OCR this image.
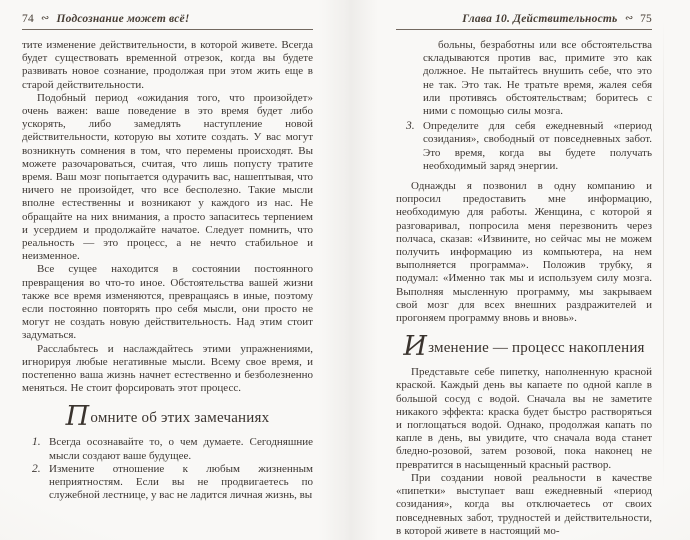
74 ∾ Подсознание может всё!

тите изменение действительности, в которой живете. Всегда будет существовать временной отрезок, когда вы будете развивать новое сознание, продолжая при этом жить еще в старой действительности.

Подобный период «ожидания того, что произойдет» очень важен: ваше поведение в это время будет либо ускорять, либо замедлять наступление новой действительности, которую вы хотите создать. У вас могут возникнуть сомнения в том, что перемены происходят. Вы можете разочароваться, считая, что лишь попусту тратите время. Ваш мозг попытается одурачить вас, нашептывая, что ничего не произойдет, что все бесполезно. Такие мысли вполне естественны и возникают у каждого из нас. Не обращайте на них внимания, а просто запаситесь терпением и усердием и продолжайте начатое. Следует помнить, что реальность — это процесс, а не нечто стабильное и неизменное.

Все сущее находится в состоянии постоянного превращения во что-то иное. Обстоятельства вашей жизни также все время изменяются, превращаясь в иные, поэтому если постоянно повторять про себя мысли, они просто не могут не создать новую действительность. Над этим стоит задуматься.

Расслабьтесь и наслаждайтесь этими упражнениями, игнорируя любые негативные мысли. Всему свое время, и постепенно ваша жизнь начнет естественно и безболезненно меняться. Не стоит форсировать этот процесс.

Помните об этих замечаниях
1. Всегда осознавайте то, о чем думаете. Сегодняшние мысли создают ваше будущее.
2. Измените отношение к любым жизненным неприятностям. Если вы не продвигаетесь по служебной лестнице, у вас не ладится личная жизнь, вы
Глава 10. Действительность ∾ 75

больны, безработны или все обстоятельства складываются против вас, примите это как должное. Не пытайтесь внушить себе, что это не так. Это так. Не тратьте время, жалея себя или противясь обстоятельствам; боритесь с ними с помощью силы мозга.

3. Определите для себя ежедневный «период созидания», свободный от повседневных забот. Это время, когда вы будете получать необходимый заряд энергии.

Однажды я позвонил в одну компанию и попросил предоставить мне информацию, необходимую для работы. Женщина, с которой я разговаривал, попросила меня перезвонить через полчаса, сказав: «Извините, но сейчас мы не можем получить информацию из компьютера, на нем выполняется программа». Положив трубку, я подумал: «Именно так мы и используем силу мозга. Выполняя мысленную программу, мы закрываем свой мозг для всех внешних раздражителей и прогоняем программу вновь и вновь».

Изменение — процесс накопления

Представьте себе пипетку, наполненную красной краской. Каждый день вы капаете по одной капле в большой сосуд с водой. Сначала вы не заметите никакого эффекта: краска будет быстро растворяться и поглощаться водой. Однако, продолжая капать по капле в день, вы увидите, что сначала вода станет бледно-розовой, затем розовой, пока наконец не превратится в насыщенный красный раствор.

При создании новой реальности в качестве «пипетки» выступает ваш ежедневный «период созидания», когда вы отключаетесь от своих повседневных забот, трудностей и действительности, в которой живете в настоящий мо-
